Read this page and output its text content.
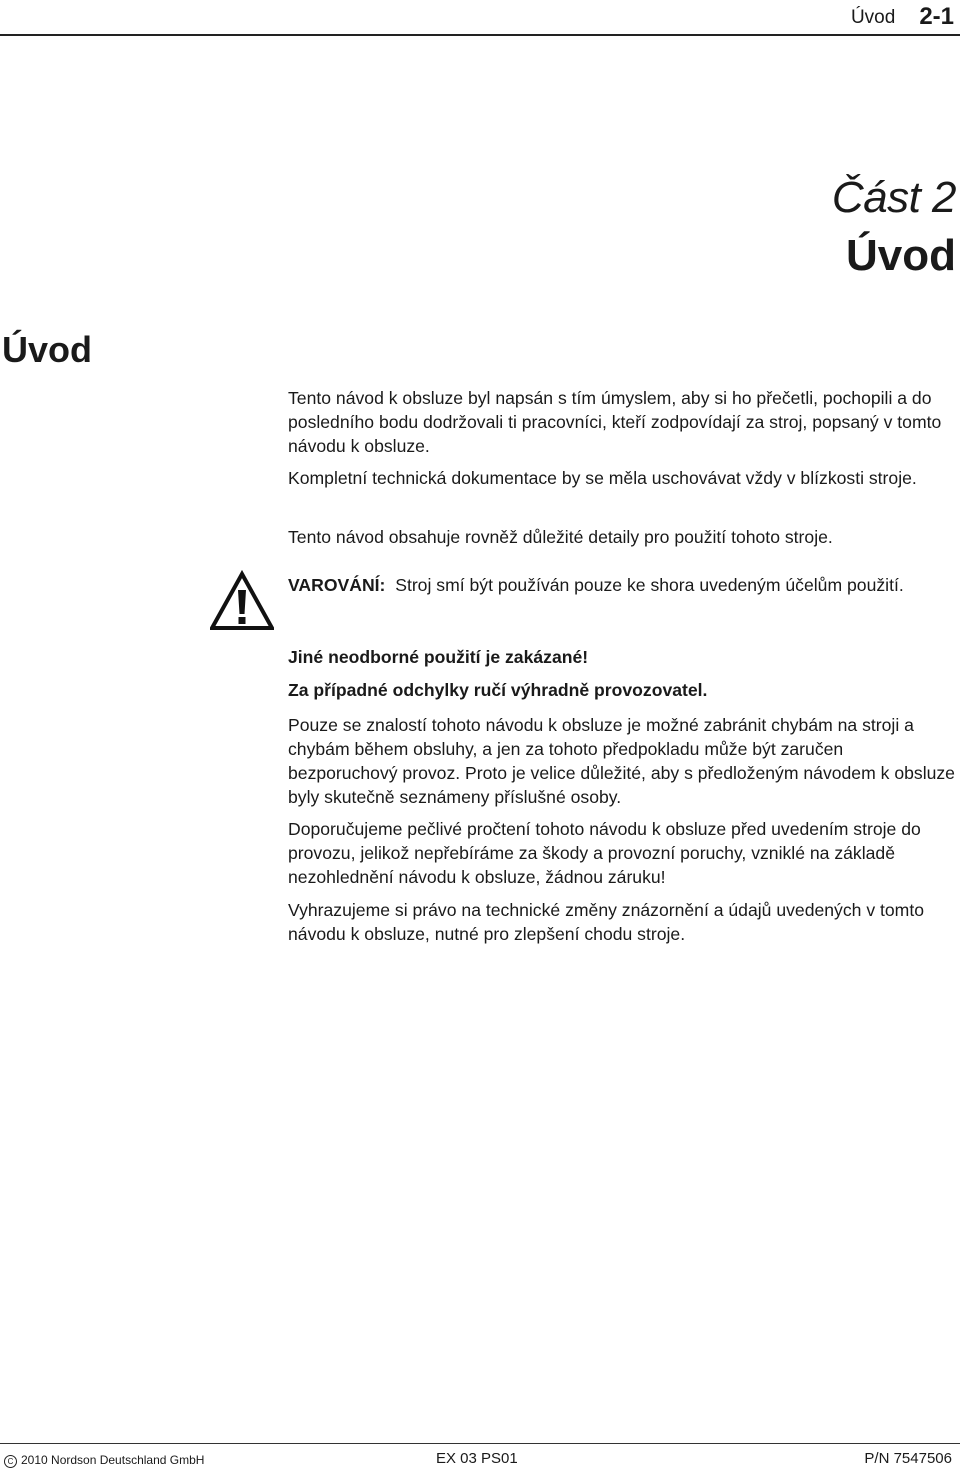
Úvod 2-1
Část 2
Úvod
Úvod

Tento návod k obsluze byl napsán s tím úmyslem, aby si ho přečetli, pochopili a do posledního bodu dodržovali ti pracovníci, kteří zodpovídají za stroj, popsaný v tomto návodu k obsluze.

Kompletní technická dokumentace by se měla uschovávat vždy v blízkosti stroje.

Tento návod obsahuje rovněž důležité detaily pro použití tohoto stroje.

VAROVÁNÍ: Stroj smí být používán pouze ke shora uvedeným účelům použití.

Jiné neodborné použití je zakázané!

Za případné odchylky ručí výhradně provozovatel.

Pouze se znalostí tohoto návodu k obsluze je možné zabránit chybám na stroji a chybám během obsluhy, a jen za tohoto předpokladu může být zaručen bezporuchový provoz. Proto je velice důležité, aby s předloženým návodem k obsluze byly skutečně seznámeny příslušné osoby.

Doporučujeme pečlivé pročtení tohoto návodu k obsluze před uvedením stroje do provozu, jelikož nepřebíráme za škody a provozní poruchy, vzniklé na základě nezohlednění návodu k obsluze, žádnou záruku!

Vyhrazujeme si právo na technické změny znázornění a údajů uvedených v tomto návodu k obsluze, nutné pro zlepšení chodu stroje.

C 2010 Nordson Deutschland GmbH	EX 03 PS01	P/N 7547506
